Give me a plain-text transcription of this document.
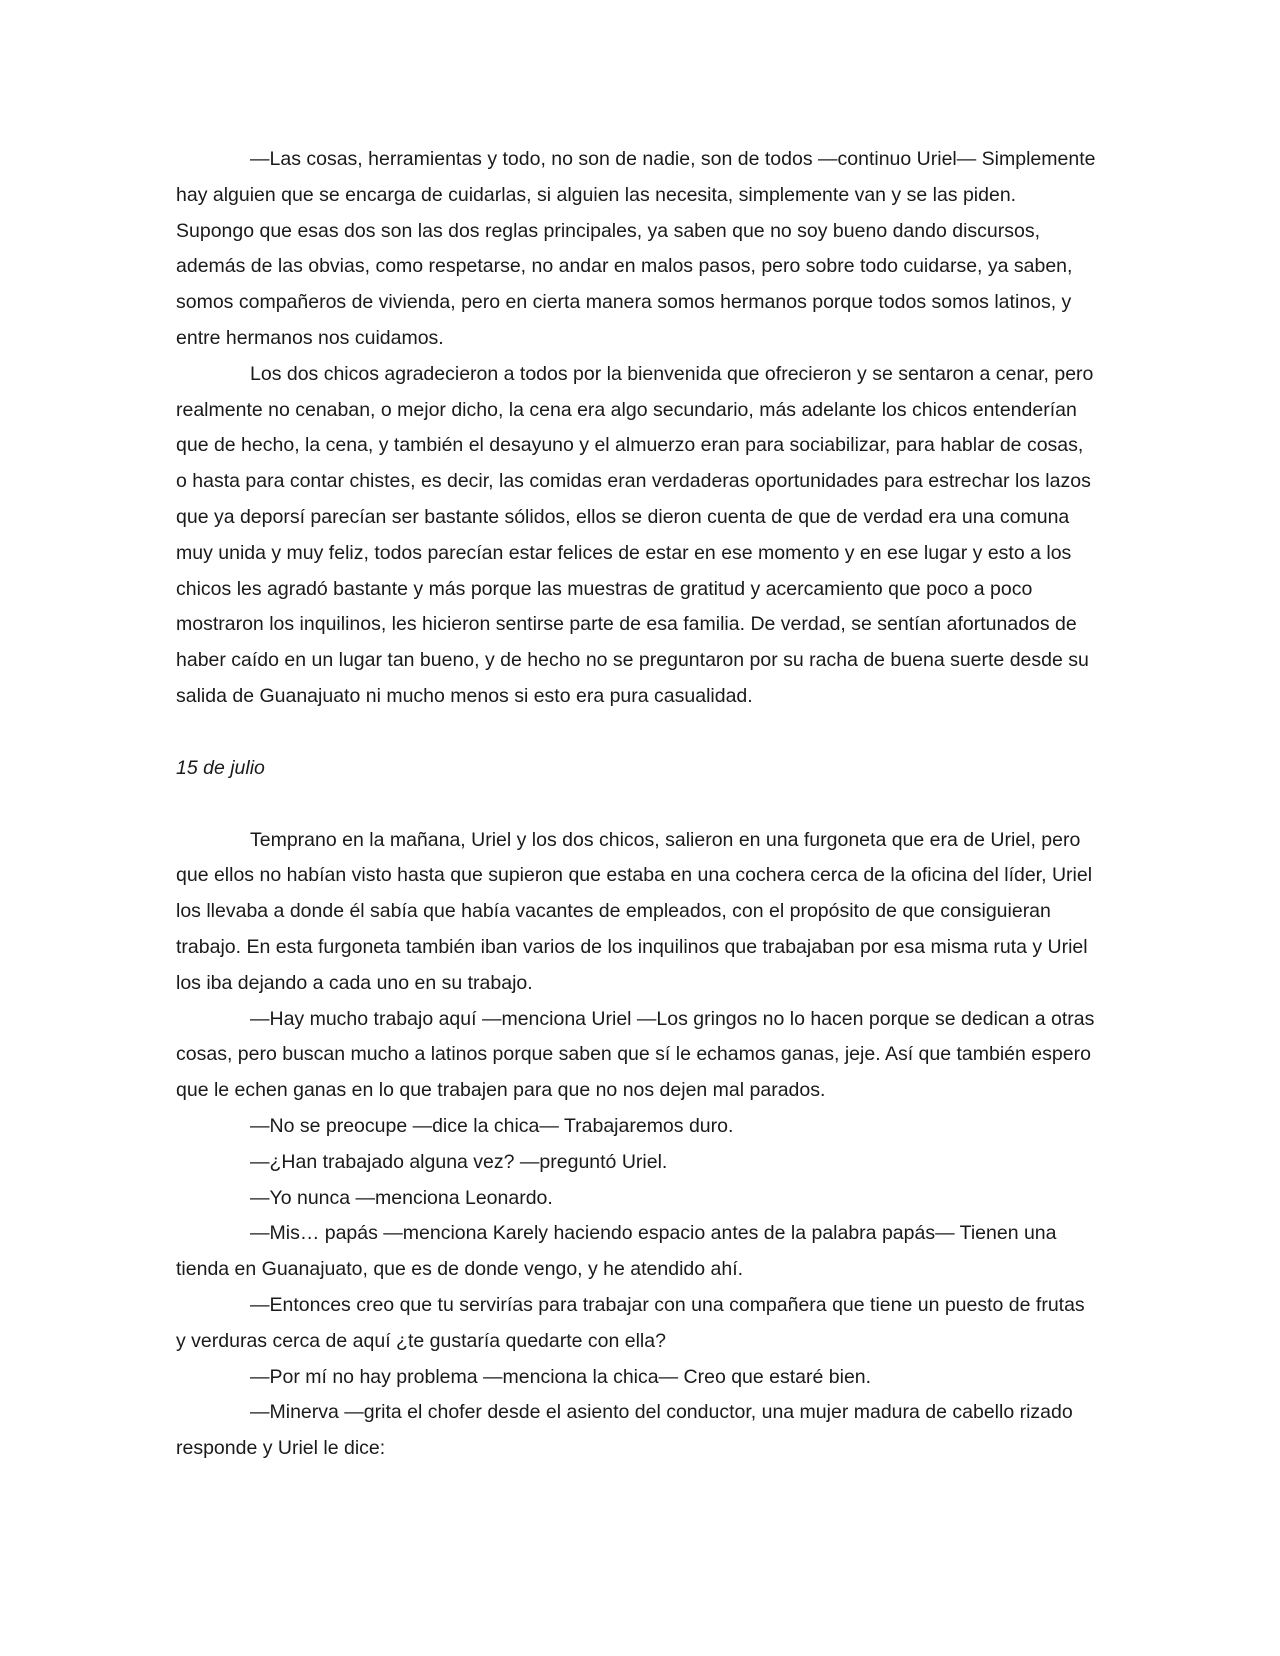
—Las cosas, herramientas y todo, no son de nadie, son de todos —continuo Uriel— Simplemente hay alguien que se encarga de cuidarlas, si alguien las necesita, simplemente van y se las piden. Supongo que esas dos son las dos reglas principales, ya saben que no soy bueno dando discursos, además de las obvias, como respetarse, no andar en malos pasos, pero sobre todo cuidarse, ya saben, somos compañeros de vivienda, pero en cierta manera somos hermanos porque todos somos latinos, y entre hermanos nos cuidamos.

Los dos chicos agradecieron a todos por la bienvenida que ofrecieron y se sentaron a cenar, pero realmente no cenaban, o mejor dicho, la cena era algo secundario, más adelante los chicos entenderían que de hecho, la cena, y también el desayuno y el almuerzo eran para sociabilizar, para hablar de cosas, o hasta para contar chistes, es decir, las comidas eran verdaderas oportunidades para estrechar los lazos que ya deporsí parecían ser bastante sólidos, ellos se dieron cuenta de que de verdad era una comuna muy unida y muy feliz, todos parecían estar felices de estar en ese momento y en ese lugar y esto a los chicos les agradó bastante y más porque las muestras de gratitud y acercamiento que poco a poco mostraron los inquilinos, les hicieron sentirse parte de esa familia. De verdad, se sentían afortunados de haber caído en un lugar tan bueno, y de hecho no se preguntaron por su racha de buena suerte desde su salida de Guanajuato ni mucho menos si esto era pura casualidad.

15 de julio

Temprano en la mañana, Uriel y los dos chicos, salieron en una furgoneta que era de Uriel, pero que ellos no habían visto hasta que supieron que estaba en una cochera cerca de la oficina del líder, Uriel los llevaba a donde él sabía que había vacantes de empleados, con el propósito de que consiguieran trabajo. En esta furgoneta también iban varios de los inquilinos que trabajaban por esa misma ruta y Uriel los iba dejando a cada uno en su trabajo.

—Hay mucho trabajo aquí —menciona Uriel —Los gringos no lo hacen porque se dedican a otras cosas, pero buscan mucho a latinos porque saben que sí le echamos ganas, jeje. Así que también espero que le echen ganas en lo que trabajen para que no nos dejen mal parados.

—No se preocupe —dice la chica— Trabajaremos duro.

—¿Han trabajado alguna vez? —preguntó Uriel.

—Yo nunca —menciona Leonardo.

—Mis… papás —menciona Karely haciendo espacio antes de la palabra papás— Tienen una tienda en Guanajuato, que es de donde vengo, y he atendido ahí.

—Entonces creo que tu servirías para trabajar con una compañera que tiene un puesto de frutas y verduras cerca de aquí ¿te gustaría quedarte con ella?

—Por mí no hay problema —menciona la chica— Creo que estaré bien.

—Minerva —grita el chofer desde el asiento del conductor, una mujer madura de cabello rizado responde y Uriel le dice:
